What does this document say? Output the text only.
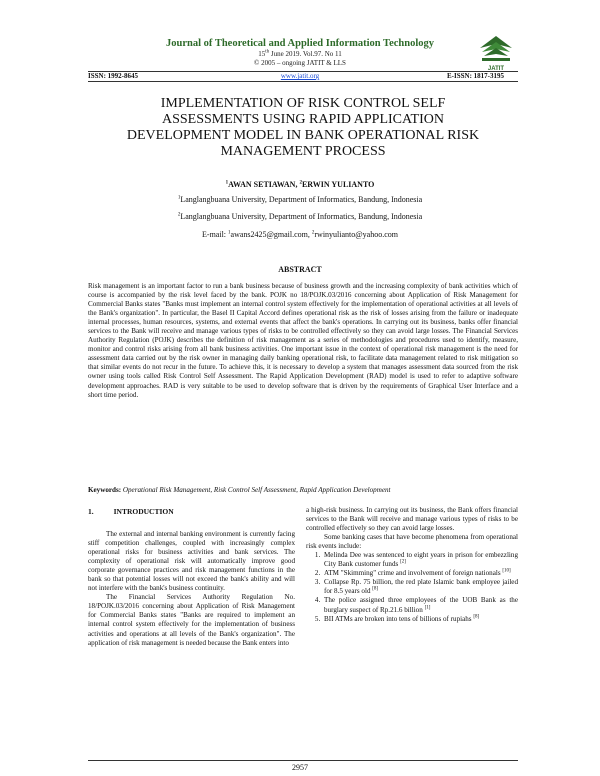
Journal of Theoretical and Applied Information Technology
15th June 2019. Vol.97. No 11
© 2005 – ongoing JATIT & LLS
JATIT
ISSN: 1992-8645	www.jatit.org	E-ISSN: 1817-3195
IMPLEMENTATION OF RISK CONTROL SELF
ASSESSMENTS USING RAPID APPLICATION
DEVELOPMENT MODEL IN BANK OPERATIONAL RISK
MANAGEMENT PROCESS
$^1$AWAN SETIAWAN, $^2$ERWIN YULIANTO
$^1$Langlangbuana University, Department of Informatics, Bandung, Indonesia
$^2$Langlangbuana University, Department of Informatics, Bandung, Indonesia
E-mail: $^1$awans2425@gmail.com, $^2$rwinyulianto@yahoo.com
ABSTRACT
Risk management is an important factor to run a bank business because of business growth and the increasing complexity of bank activities which of course is accompanied by the risk level faced by the bank. POJK no 18/POJK.03/2016 concerning about Application of Risk Management for Commercial Banks states "Banks must implement an internal control system effectively for the implementation of operational activities at all levels of the Bank's organization". In particular, the Basel II Capital Accord defines operational risk as the risk of losses arising from the failure or inadequate internal processes, human resources, systems, and external events that affect the bank's operations. In carrying out its business, banks offer financial services to the Bank will receive and manage various types of risks to be controlled effectively so they can avoid large losses. The Financial Services Authority Regulation (POJK) describes the definition of risk management as a series of methodologies and procedures used to identify, measure, monitor and control risks arising from all bank business activities. One important issue in the context of operational risk management is the need for assessment data carried out by the risk owner in managing daily banking operational risk, to facilitate data management related to risk mitigation so that similar events do not recur in the future. To achieve this, it is necessary to develop a system that manages assessment data sourced from the risk owner using tools called Risk Control Self Assessment. The Rapid Application Development (RAD) model is used to refer to adaptive software development approaches. RAD is very suitable to be used to develop software that is driven by the requirements of Graphical User Interface and a short time period.
Keywords: Operational Risk Management, Risk Control Self Assessment, Rapid Application Development
1.	INTRODUCTION

The external and internal banking environment is currently facing stiff competition challenges, coupled with increasingly complex operational risks for business activities and bank services. The complexity of operational risk will automatically improve good corporate governance practices and risk management functions in the bank so that potential losses will not exceed the bank's ability and will not interfere with the bank's business continuity.

The Financial Services Authority Regulation No. 18/POJK.03/2016 concerning about Application of Risk Management for Commercial Banks states "Banks are required to implement an internal control system effectively for the implementation of business activities and operations at all levels of the Bank's organization". The application of risk management is needed because the Bank enters into

a high-risk business. In carrying out its business, the Bank offers financial services to the Bank will receive and manage various types of risks to be controlled effectively so they can avoid large losses.

Some banking cases that have become phenomena from operational risk events include:

1. Melinda Dee was sentenced to eight years in prison for embezzling City Bank customer funds [2]
2. ATM "Skimming" crime and involvement of foreign nationals [10]
3. Collapse Rp. 75 billion, the red plate Islamic bank employee jailed for 8.5 years old [8]
4. The police assigned three employees of the UOB Bank as the burglary suspect of Rp.21.6 billion [1]
5. BII ATMs are broken into tens of billions of rupiahs [8]
2957
